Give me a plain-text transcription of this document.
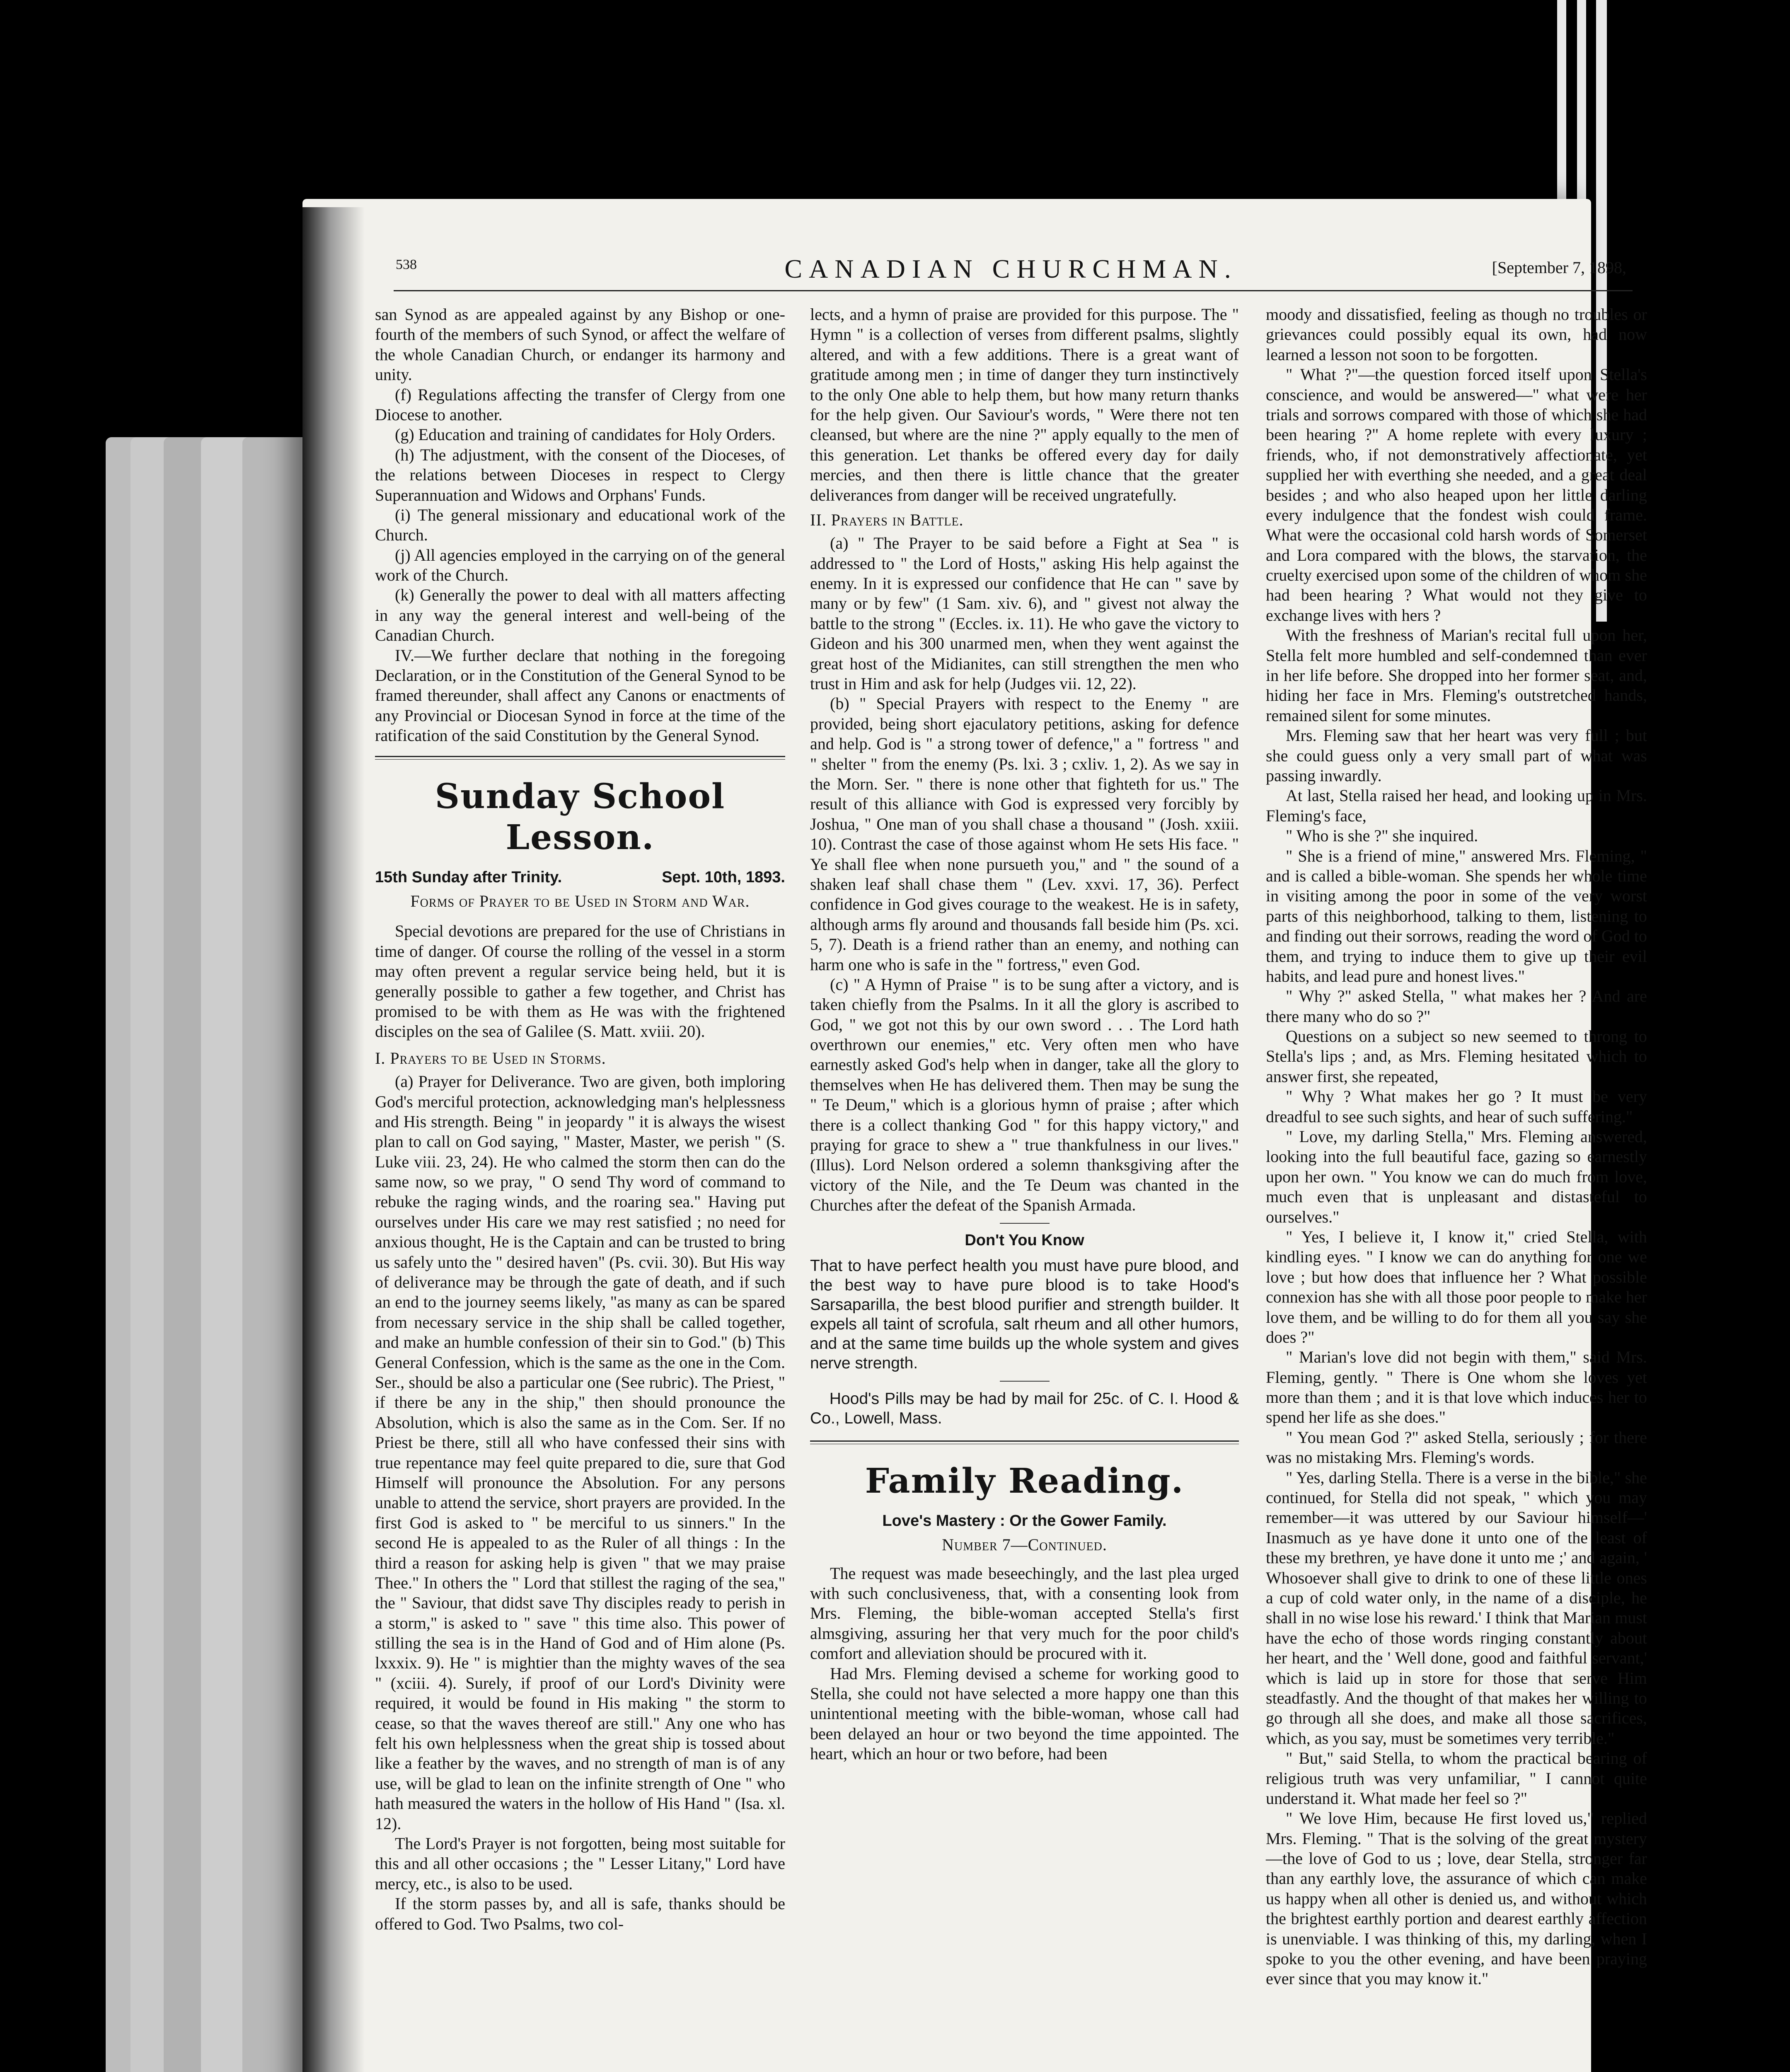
538	CANADIAN CHURCHMAN.	[September 7, 1898,

san Synod as are appealed against by any Bishop or one-fourth of the members of such Synod, or affect the welfare of the whole Canadian Church, or endanger its harmony and unity.

(f) Regulations affecting the transfer of Clergy from one Diocese to another.

(g) Education and training of candidates for Holy Orders.

(h) The adjustment, with the consent of the Dioceses, of the relations between Dioceses in respect to Clergy Superannuation and Widows and Orphans' Funds.

(i) The general missionary and educational work of the Church.

(j) All agencies employed in the carrying on of the general work of the Church.

(k) Generally the power to deal with all matters affecting in any way the general interest and well-being of the Canadian Church.

IV.—We further declare that nothing in the foregoing Declaration, or in the Constitution of the General Synod to be framed thereunder, shall affect any Canons or enactments of any Provincial or Diocesan Synod in force at the time of the ratification of the said Constitution by the General Synod.

Sunday School Lesson.
15th Sunday after Trinity.	Sept. 10th, 1893.

Forms of Prayer to be Used in Storm and War.

Special devotions are prepared for the use of Christians in time of danger. Of course the rolling of the vessel in a storm may often prevent a regular service being held, but it is generally possible to gather a few together, and Christ has promised to be with them as He was with the frightened disciples on the sea of Galilee (S. Matt. xviii. 20).

I. Prayers to be Used in Storms.

(a) Prayer for Deliverance. Two are given, both imploring God's merciful protection, acknowledging man's helplessness and His strength. Being " in jeopardy " it is always the wisest plan to call on God saying, " Master, Master, we perish " (S. Luke viii. 23, 24). He who calmed the storm then can do the same now, so we pray, " O send Thy word of command to rebuke the raging winds, and the roaring sea." Having put ourselves under His care we may rest satisfied ; no need for anxious thought, He is the Captain and can be trusted to bring us safely unto the " desired haven" (Ps. cvii. 30). But His way of deliverance may be through the gate of death, and if such an end to the journey seems likely, "as many as can be spared from necessary service in the ship shall be called together, and make an humble confession of their sin to God." (b) This General Confession, which is the same as the one in the Com. Ser., should be also a particular one (See rubric). The Priest, " if there be any in the ship," then should pronounce the Absolution, which is also the same as in the Com. Ser. If no Priest be there, still all who have confessed their sins with true repentance may feel quite prepared to die, sure that God Himself will pronounce the Absolution. For any persons unable to attend the service, short prayers are provided. In the first God is asked to " be merciful to us sinners." In the second He is appealed to as the Ruler of all things : In the third a reason for asking help is given " that we may praise Thee." In others the " Lord that stillest the raging of the sea," the " Saviour, that didst save Thy disciples ready to perish in a storm," is asked to " save " this time also. This power of stilling the sea is in the Hand of God and of Him alone (Ps. lxxxix. 9). He " is mightier than the mighty waves of the sea " (xciii. 4). Surely, if proof of our Lord's Divinity were required, it would be found in His making " the storm to cease, so that the waves thereof are still." Any one who has felt his own helplessness when the great ship is tossed about like a feather by the waves, and no strength of man is of any use, will be glad to lean on the infinite strength of One " who hath measured the waters in the hollow of His Hand " (Isa. xl. 12).

The Lord's Prayer is not forgotten, being most suitable for this and all other occasions ; the " Lesser Litany," Lord have mercy, etc., is also to be used.

If the storm passes by, and all is safe, thanks should be offered to God. Two Psalms, two col-

lects, and a hymn of praise are provided for this purpose. The " Hymn " is a collection of verses from different psalms, slightly altered, and with a few additions. There is a great want of gratitude among men ; in time of danger they turn instinctively to the only One able to help them, but how many return thanks for the help given. Our Saviour's words, " Were there not ten cleansed, but where are the nine ?" apply equally to the men of this generation. Let thanks be offered every day for daily mercies, and then there is little chance that the greater deliverances from danger will be received ungratefully.

II. Prayers in Battle.

(a) " The Prayer to be said before a Fight at Sea " is addressed to " the Lord of Hosts," asking His help against the enemy. In it is expressed our confidence that He can " save by many or by few" (1 Sam. xiv. 6), and " givest not alway the battle to the strong " (Eccles. ix. 11). He who gave the victory to Gideon and his 300 unarmed men, when they went against the great host of the Midianites, can still strengthen the men who trust in Him and ask for help (Judges vii. 12, 22).

(b) " Special Prayers with respect to the Enemy " are provided, being short ejaculatory petitions, asking for defence and help. God is " a strong tower of defence," a " fortress " and " shelter " from the enemy (Ps. lxi. 3 ; cxliv. 1, 2). As we say in the Morn. Ser. " there is none other that fighteth for us." The result of this alliance with God is expressed very forcibly by Joshua, " One man of you shall chase a thousand " (Josh. xxiii. 10). Contrast the case of those against whom He sets His face. " Ye shall flee when none pursueth you," and " the sound of a shaken leaf shall chase them " (Lev. xxvi. 17, 36). Perfect confidence in God gives courage to the weakest. He is in safety, although arms fly around and thousands fall beside him (Ps. xci. 5, 7). Death is a friend rather than an enemy, and nothing can harm one who is safe in the " fortress," even God.

(c) " A Hymn of Praise " is to be sung after a victory, and is taken chiefly from the Psalms. In it all the glory is ascribed to God, " we got not this by our own sword . . . The Lord hath overthrown our enemies," etc. Very often men who have earnestly asked God's help when in danger, take all the glory to themselves when He has delivered them. Then may be sung the " Te Deum," which is a glorious hymn of praise ; after which there is a collect thanking God " for this happy victory," and praying for grace to shew a " true thankfulness in our lives." (Illus). Lord Nelson ordered a solemn thanksgiving after the victory of the Nile, and the Te Deum was chanted in the Churches after the defeat of the Spanish Armada.

Don't You Know

That to have perfect health you must have pure blood, and the best way to have pure blood is to take Hood's Sarsaparilla, the best blood purifier and strength builder. It expels all taint of scrofula, salt rheum and all other humors, and at the same time builds up the whole system and gives nerve strength.

Hood's Pills may be had by mail for 25c. of C. I. Hood & Co., Lowell, Mass.

Family Reading.
Love's Mastery : Or the Gower Family.

Number 7—Continued.

The request was made beseechingly, and the last plea urged with such conclusiveness, that, with a consenting look from Mrs. Fleming, the bible-woman accepted Stella's first almsgiving, assuring her that very much for the poor child's comfort and alleviation should be procured with it.

Had Mrs. Fleming devised a scheme for working good to Stella, she could not have selected a more happy one than this unintentional meeting with the bible-woman, whose call had been delayed an hour or two beyond the time appointed. The heart, which an hour or two before, had been

moody and dissatisfied, feeling as though no troubles or grievances could possibly equal its own, had now learned a lesson not soon to be forgotten.

" What ?"—the question forced itself upon Stella's conscience, and would be answered—" what were her trials and sorrows compared with those of which she had been hearing ?" A home replete with every luxury ; friends, who, if not demonstratively affectionate, yet supplied her with everthing she needed, and a great deal besides ; and who also heaped upon her little darling every indulgence that the fondest wish could frame. What were the occasional cold harsh words of Somerset and Lora compared with the blows, the starvation, the cruelty exercised upon some of the children of whom she had been hearing ? What would not they give to exchange lives with hers ?

With the freshness of Marian's recital full upon her, Stella felt more humbled and self-condemned than ever in her life before. She dropped into her former seat, and, hiding her face in Mrs. Fleming's outstretched hands, remained silent for some minutes.

Mrs. Fleming saw that her heart was very full ; but she could guess only a very small part of what was passing inwardly.

At last, Stella raised her head, and looking up in Mrs. Fleming's face,

" Who is she ?" she inquired.

" She is a friend of mine," answered Mrs. Fleming, " and is called a bible-woman. She spends her whole time in visiting among the poor in some of the very worst parts of this neighborhood, talking to them, listening to and finding out their sorrows, reading the word of God to them, and trying to induce them to give up their evil habits, and lead pure and honest lives."

" Why ?" asked Stella, " what makes her ? And are there many who do so ?"

Questions on a subject so new seemed to throng to Stella's lips ; and, as Mrs. Fleming hesitated which to answer first, she repeated,

" Why ? What makes her go ? It must be very dreadful to see such sights, and hear of such suffering."

" Love, my darling Stella," Mrs. Fleming answered, looking into the full beautiful face, gazing so earnestly upon her own. " You know we can do much from love, much even that is unpleasant and distasteful to ourselves."

" Yes, I believe it, I know it," cried Stella, with kindling eyes. " I know we can do anything for one we love ; but how does that influence her ? What possible connexion has she with all those poor people to make her love them, and be willing to do for them all you say she does ?"

" Marian's love did not begin with them," said Mrs. Fleming, gently. " There is One whom she loves yet more than them ; and it is that love which induces her to spend her life as she does."

" You mean God ?" asked Stella, seriously ; for there was no mistaking Mrs. Fleming's words.

" Yes, darling Stella. There is a verse in the bible," she continued, for Stella did not speak, " which you may remember—it was uttered by our Saviour himself—' Inasmuch as ye have done it unto one of the least of these my brethren, ye have done it unto me ;' and again, ' Whosoever shall give to drink to one of these little ones a cup of cold water only, in the name of a disciple, he shall in no wise lose his reward.' I think that Marian must have the echo of those words ringing constantly about her heart, and the ' Well done, good and faithful servant,' which is laid up in store for those that serve Him steadfastly. And the thought of that makes her willing to go through all she does, and make all those sacrifices, which, as you say, must be sometimes very terrible."

" But," said Stella, to whom the practical bearing of religious truth was very unfamiliar, " I cannot quite understand it. What made her feel so ?"

" We love Him, because He first loved us," replied Mrs. Fleming. " That is the solving of the great mystery—the love of God to us ; love, dear Stella, stronger far than any earthly love, the assurance of which can make us happy when all other is denied us, and without which the brightest earthly portion and dearest earthly affection is unenviable. I was thinking of this, my darling, when I spoke to you the other evening, and have been praying ever since that you may know it."
